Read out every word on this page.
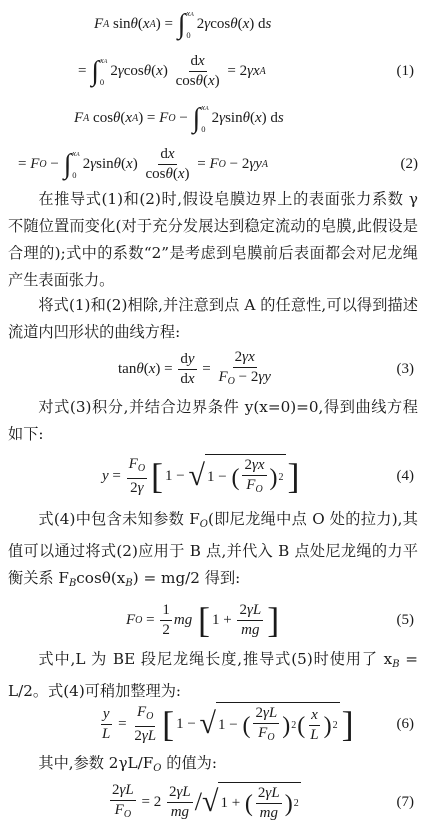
F A sin θ ( x A ) = ∫ xA
0
2 γ cos θ ( x ) d s
= ∫ xA
0
2 γ cos θ ( x ) $\frac{dx}{\cos\theta(x)} = 2$ γx A	(1)
F A cos θ ( x A ) = F O − ∫ xA
0
2 γ sin θ ( x ) d s
= F O − ∫ xA
0
2 γ sin θ ( x ) $\frac{dx}{\cos\theta(x)} = F$ O − 2 γy A	(2)
在推导式(1)和(2)时,假设皂膜边界上的表面张力系数 γ 不随位置而变化(对于充分发展达到稳定流动的皂膜,此假设是合理的);式中的系数“2”是考虑到皂膜前后表面都会对尼龙绳产生表面张力。
将式(1)和(2)相除,并注意到点 A 的任意性,可以得到描述流道内凹形状的曲线方程:
tan θ ( x ) = $\frac{dy}{dx} = \frac{2\gamma x}{F_O - 2\gamma y}$	(3)
对式(3)积分,并结合边界条件 y(x=0)=0,得到曲线方程如下:
$y = \frac{F_O}{2\gamma}$ [ 1 − √ 1 − ( $\frac{2\gamma x}{F_O}$ ) 2 ]	(4)
式(4)中包含未知参数 $F_O$(即尼龙绳中点 O 处的拉力),其值可以通过将式(2)应用于 B 点,并代入 B 点处尼龙绳的力平衡关系 $F_B\cos\theta(x_B) = mg/2$ 得到:
F $O = \frac{1}{2}$ mg
[ $1 + \frac{2\gamma L}{mg}$ ]	(5)
式中,L 为 BE 段尼龙绳长度,推导式(5)时使用了 $x_B = L/2$。式(4)可稍加整理为:
$\frac{y}{L} = \frac{F_O}{2\gamma L}$ [ 1 − √ 1 − ( $\frac{2\gamma L}{F_O}$ ) 2 ( $\frac{x}{L}$ ) 2 ]	(6)
其中,参数 $2\gamma L/F_O$ 的值为:
$\frac{2\gamma L}{F_O} = 2 \frac{2\gamma L}{mg}$ / √ 1 + ( $\frac{2\gamma L}{mg}$ ) 2	(7)
